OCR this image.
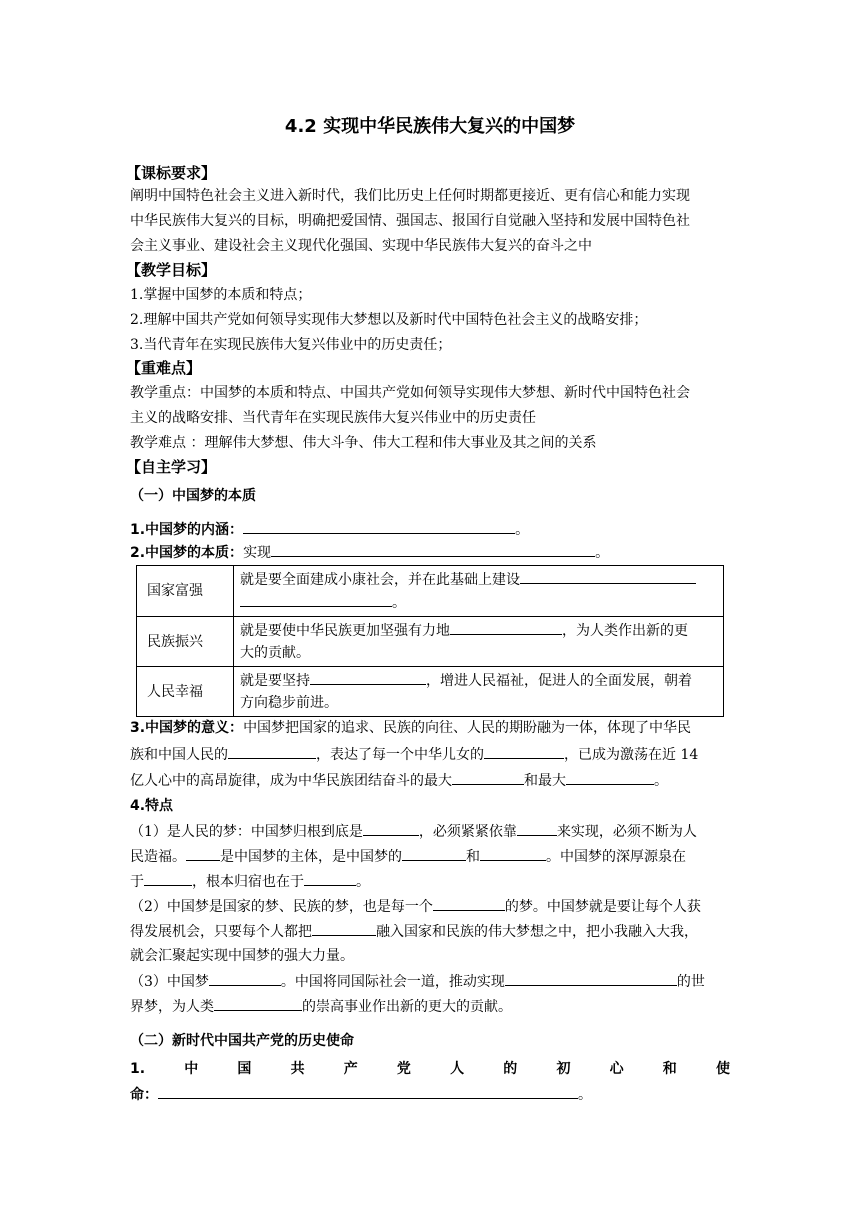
4.2 实现中华民族伟大复兴的中国梦
【课标要求】
阐明中国特色社会主义进入新时代，我们比历史上任何时期都更接近、更有信心和能力实现
中华民族伟大复兴的目标，明确把爱国情、强国志、报国行自觉融入坚持和发展中国特色社
会主义事业、建设社会主义现代化强国、实现中华民族伟大复兴的奋斗之中
【教学目标】
1.掌握中国梦的本质和特点；
2.理解中国共产党如何领导实现伟大梦想以及新时代中国特色社会主义的战略安排；
3.当代青年在实现民族伟大复兴伟业中的历史责任；
【重难点】
教学重点：中国梦的本质和特点、中国共产党如何领导实现伟大梦想、新时代中国特色社会
主义的战略安排、当代青年在实现民族伟大复兴伟业中的历史责任
教学难点 ：理解伟大梦想、伟大斗争、伟大工程和伟大事业及其之间的关系
【自主学习】
（一）中国梦的本质
1.中国梦的内涵：	。
2.中国梦的本质：实现	。
国家富强	就是要全面建成小康社会，并在此基础上建设
。

民族振兴	就是要使中华民族更加坚强有力地 ，为人类作出新的更
大的贡献。

人民幸福	就是要坚持 ，增进人民福祉，促进人的全面发展，朝着
方向稳步前进。
3.中国梦的意义：中国梦把国家的追求、民族的向往、人民的期盼融为一体，体现了中华民
族和中国人民的	，表达了每一个中华儿女的	，已成为激荡在近 14
亿人心中的高昂旋律，成为中华民族团结奋斗的最大	和最大	。
4.特点
（1）是人民的梦：中国梦归根到底是	，必须紧紧依靠	来实现，必须不断为人
民造福。 是中国梦的主体，是中国梦的	和	。中国梦的深厚源泉在
于	，根本归宿也在于	。
（2）中国梦是国家的梦、民族的梦，也是每一个	的梦。中国梦就是要让每个人获
得发展机会，只要每个人都把	融入国家和民族的伟大梦想之中，把小我融入大我，
就会汇聚起实现中国梦的强大力量。
（3）中国梦	。中国将同国际社会一道，推动实现	的世
界梦，为人类	的崇高事业作出新的更大的贡献。
（二）新时代中国共产党的历史使命
1.	中	国	共	产	党	人	的	初	心	和	使
命：	。
